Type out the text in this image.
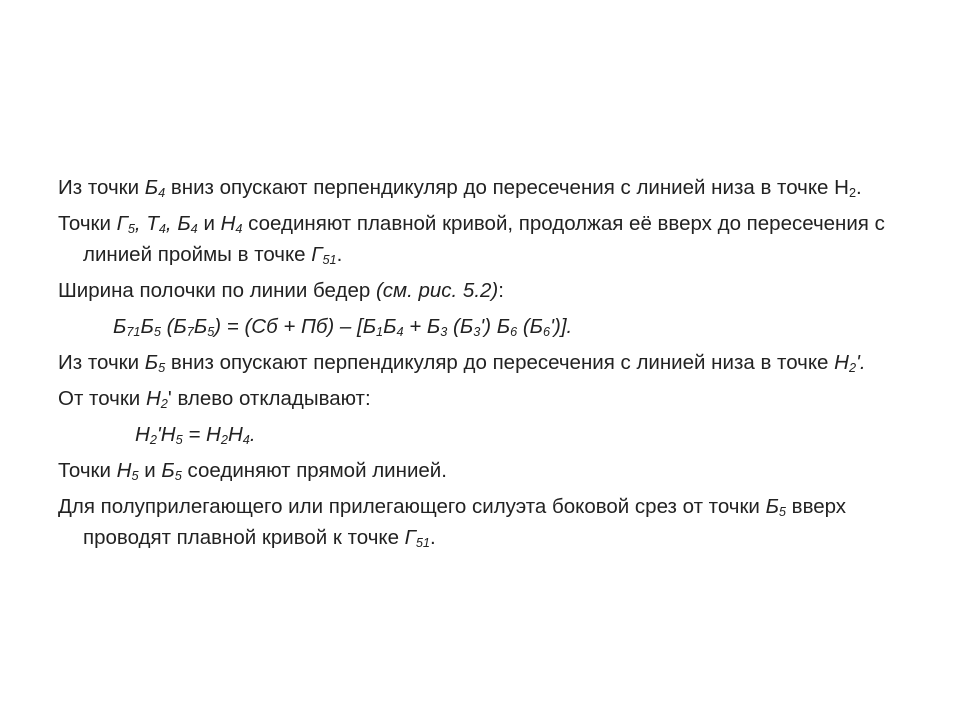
Из точки $Б_4$ вниз опускают перпендикуляр до пересечения с линией низа в точке $Н_2$.

Точки $Г_5$, $Т_4$, $Б_4$ и $Н_4$ соединяют плавной кривой, продолжая её вверх до пересечения с линией проймы в точке $Г_{51}$.

Ширина полочки по линии бедер (см. рис. 5.2):

$Б_{71}Б_5$ $(Б_7Б_5) = (Сб + Пб) - [Б_1Б_4 + Б_3$ $(Б_3')$ $Б_6$ $(Б_6')$].

Из точки $Б_5$ вниз опускают перпендикуляр до пересечения с линией низа в точке $Н_2'$.

От точки $Н_2'$ влево откладывают:

$Н_2'Н_5 = Н_2Н_4$.

Точки $Н_5$ и $Б_5$ соединяют прямой линией.

Для полуприлегающего или прилегающего силуэта боковой срез от точки $Б_5$ вверх проводят плавной кривой к точке $Г_{51}$.
